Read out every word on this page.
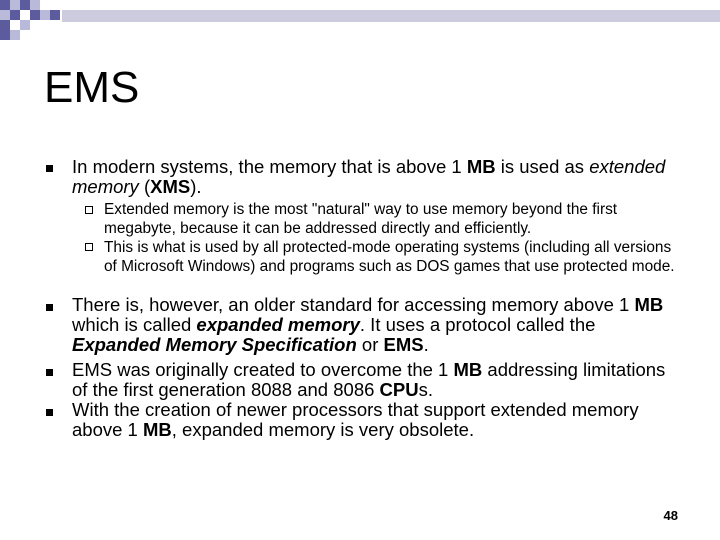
EMS

In modern systems, the memory that is above 1 MB is used as extended memory (XMS).

Extended memory is the most "natural" way to use memory beyond the first megabyte, because it can be addressed directly and efficiently.

This is what is used by all protected-mode operating systems (including all versions of Microsoft Windows) and programs such as DOS games that use protected mode.

There is, however, an older standard for accessing memory above 1 MB which is called expanded memory. It uses a protocol called the Expanded Memory Specification or EMS.

EMS was originally created to overcome the 1 MB addressing limitations of the first generation 8088 and 8086 CPUs.

With the creation of newer processors that support extended memory above 1 MB, expanded memory is very obsolete.

48
